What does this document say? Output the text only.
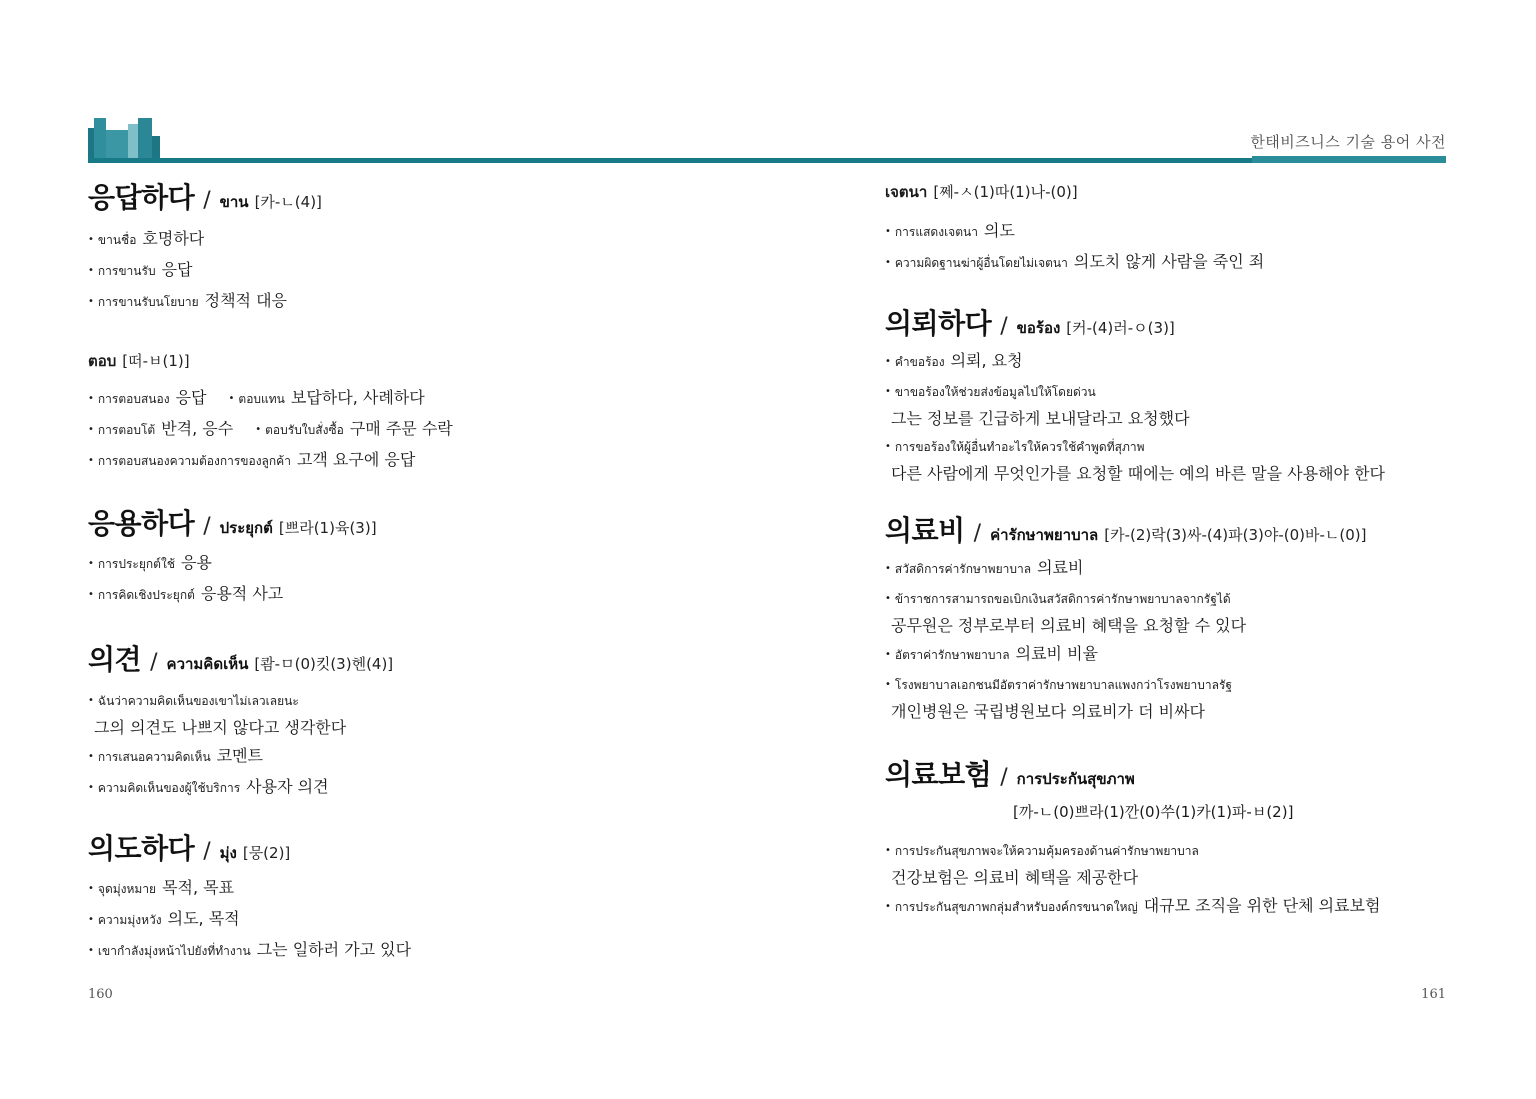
한태비즈니스 기술 용어 사전
응답하다 / ขาน [카-ㄴ(4)]
• ขานชื่อ 호명하다
• การขานรับ 응답
• การขานรับนโยบาย 정책적 대응
ตอบ [떠-ㅂ(1)]
• การตอบสนอง 응답 • ตอบแทน 보답하다, 사례하다
• การตอบโต้ 반격, 응수 • ตอบรับใบสั่งซื้อ 구매 주문 수락
• การตอบสนองความต้องการของลูกค้า 고객 요구에 응답
응용하다 / ประยุกต์ [쁘라(1)육(3)]
• การประยุกต์ใช้ 응용
• การคิดเชิงประยุกต์ 응용적 사고
의견 / ความคิดเห็น [쾀-ㅁ(0)킷(3)헨(4)]
• ฉันว่าความคิดเห็นของเขาไม่เลวเลยนะ
그의 의견도 나쁘지 않다고 생각한다
• การเสนอความคิดเห็น 코멘트
• ความคิดเห็นของผู้ใช้บริการ 사용자 의견
의도하다 / มุ่ง [뭉(2)]
• จุดมุ่งหมาย 목적, 목표
• ความมุ่งหวัง 의도, 목적
• เขากำลังมุ่งหน้าไปยังที่ทำงาน 그는 일하러 가고 있다
เจตนา [쩨-ㅅ(1)따(1)나-(0)]
• การแสดงเจตนา 의도
• ความผิดฐานฆ่าผู้อื่นโดยไม่เจตนา 의도치 않게 사람을 죽인 죄
의뢰하다 / ขอร้อง [커-(4)러-ㅇ(3)]
• คำขอร้อง 의뢰, 요청
• ขาขอร้องให้ช่วยส่งข้อมูลไปให้โดยด่วน
그는 정보를 긴급하게 보내달라고 요청했다
• การขอร้องให้ผู้อื่นทำอะไรให้ควรใช้คำพูดที่สุภาพ
다른 사람에게 무엇인가를 요청할 때에는 예의 바른 말을 사용해야 한다
의료비 / ค่ารักษาพยาบาล [카-(2)락(3)싸-(4)파(3)야-(0)바-ㄴ(0)]
• สวัสดิการค่ารักษาพยาบาล 의료비
• ข้าราชการสามารถขอเบิกเงินสวัสดิการค่ารักษาพยาบาลจากรัฐได้
공무원은 정부로부터 의료비 혜택을 요청할 수 있다
• อัตราค่ารักษาพยาบาล 의료비 비율
• โรงพยาบาลเอกชนมีอัตราค่ารักษาพยาบาลแพงกว่าโรงพยาบาลรัฐ
개인병원은 국립병원보다 의료비가 더 비싸다
의료보험 / การประกันสุขภาพ
[까-ㄴ(0)쁘라(1)깐(0)쑤(1)카(1)파-ㅂ(2)]
• การประกันสุขภาพจะให้ความคุ้มครองด้านค่ารักษาพยาบาล
건강보험은 의료비 혜택을 제공한다
• การประกันสุขภาพกลุ่มสำหรับองค์กรขนาดใหญ่ 대규모 조직을 위한 단체 의료보험
160	161
